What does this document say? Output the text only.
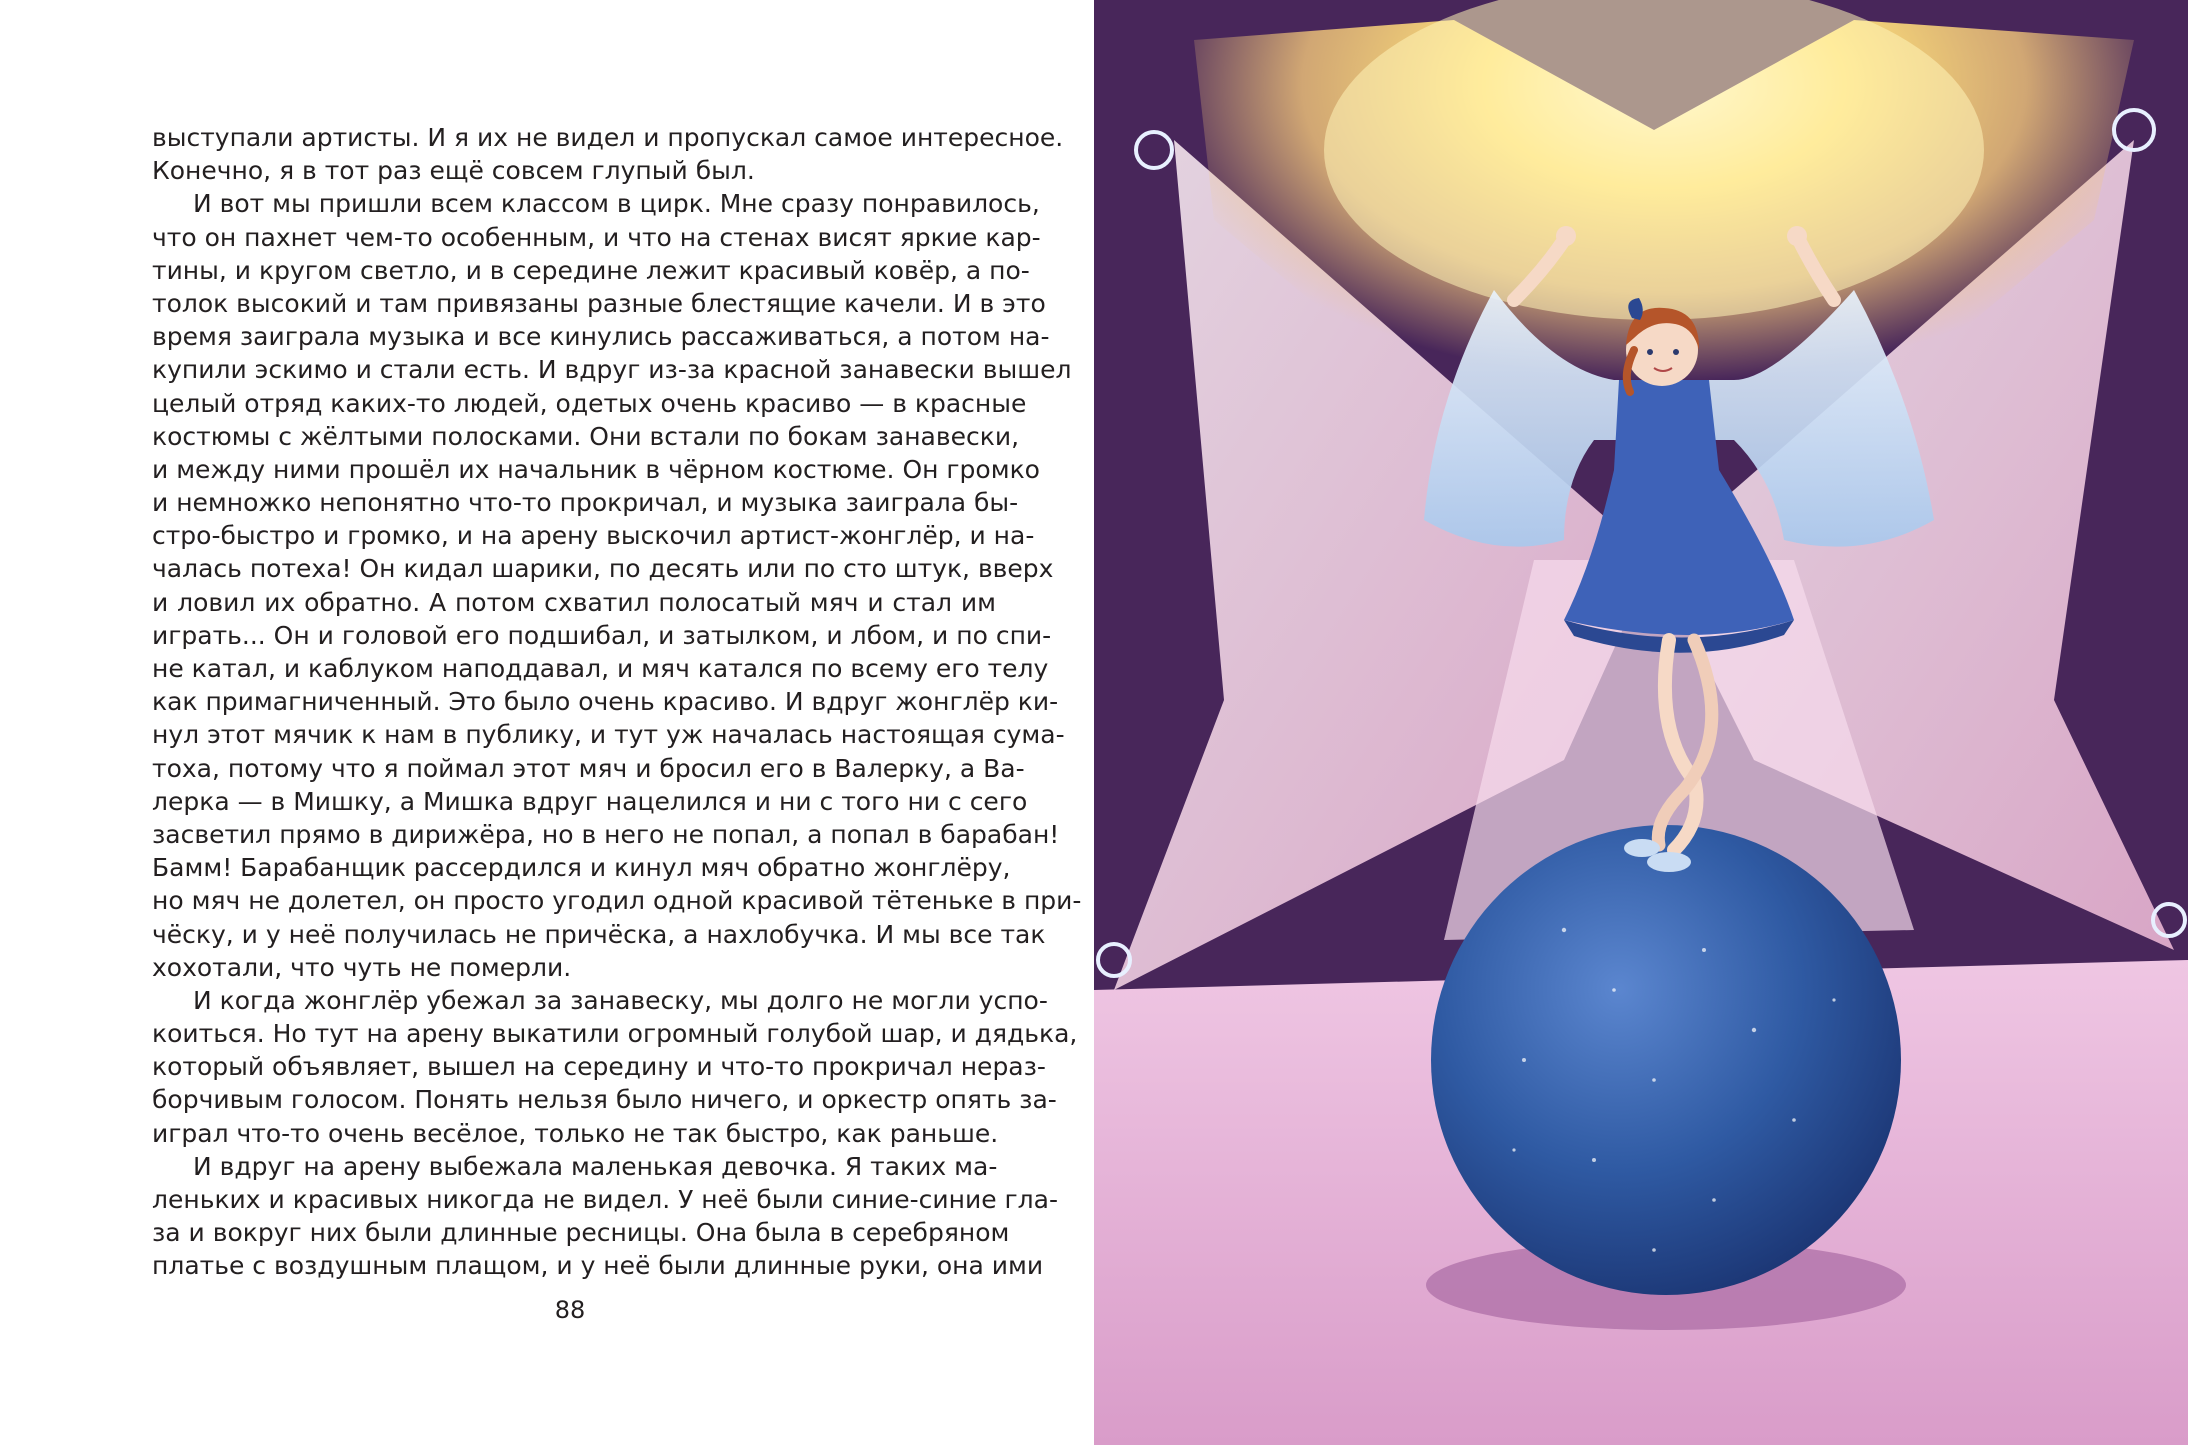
выступали артисты. И я их не видел и пропускал самое интересное.
Конечно, я в тот раз ещё совсем глупый был.
И вот мы пришли всем классом в цирк. Мне сразу понравилось,
что он пахнет чем-то особенным, и что на стенах висят яркие кар-
тины, и кругом светло, и в середине лежит красивый ковёр, а по-
толок высокий и там привязаны разные блестящие качели. И в это
время заиграла музыка и все кинулись рассаживаться, а потом на-
купили эскимо и стали есть. И вдруг из-за красной занавески вышел
целый отряд каких-то людей, одетых очень красиво — в красные
костюмы с жёлтыми полосками. Они встали по бокам занавески,
и между ними прошёл их начальник в чёрном костюме. Он громко
и немножко непонятно что-то прокричал, и музыка заиграла бы-
стро-быстро и громко, и на арену выскочил артист-жонглёр, и на-
чалась потеха! Он кидал шарики, по десять или по сто штук, вверх
и ловил их обратно. А потом схватил полосатый мяч и стал им
играть... Он и головой его подшибал, и затылком, и лбом, и по спи-
не катал, и каблуком наподдавал, и мяч катался по всему его телу
как примагниченный. Это было очень красиво. И вдруг жонглёр ки-
нул этот мячик к нам в публику, и тут уж началась настоящая сума-
тоха, потому что я поймал этот мяч и бросил его в Валерку, а Ва-
лерка — в Мишку, а Мишка вдруг нацелился и ни с того ни с сего
засветил прямо в дирижёра, но в него не попал, а попал в барабан!
Бамм! Барабанщик рассердился и кинул мяч обратно жонглёру,
но мяч не долетел, он просто угодил одной красивой тётеньке в при-
чёску, и у неё получилась не причёска, а нахлобучка. И мы все так
хохотали, что чуть не померли.
И когда жонглёр убежал за занавеску, мы долго не могли успо-
коиться. Но тут на арену выкатили огромный голубой шар, и дядька,
который объявляет, вышел на середину и что-то прокричал нераз-
борчивым голосом. Понять нельзя было ничего, и оркестр опять за-
играл что-то очень весёлое, только не так быстро, как раньше.
И вдруг на арену выбежала маленькая девочка. Я таких ма-
леньких и красивых никогда не видел. У неё были синие-синие гла-
за и вокруг них были длинные ресницы. Она была в серебряном
платье с воздушным плащом, и у неё были длинные руки, она ими
88
